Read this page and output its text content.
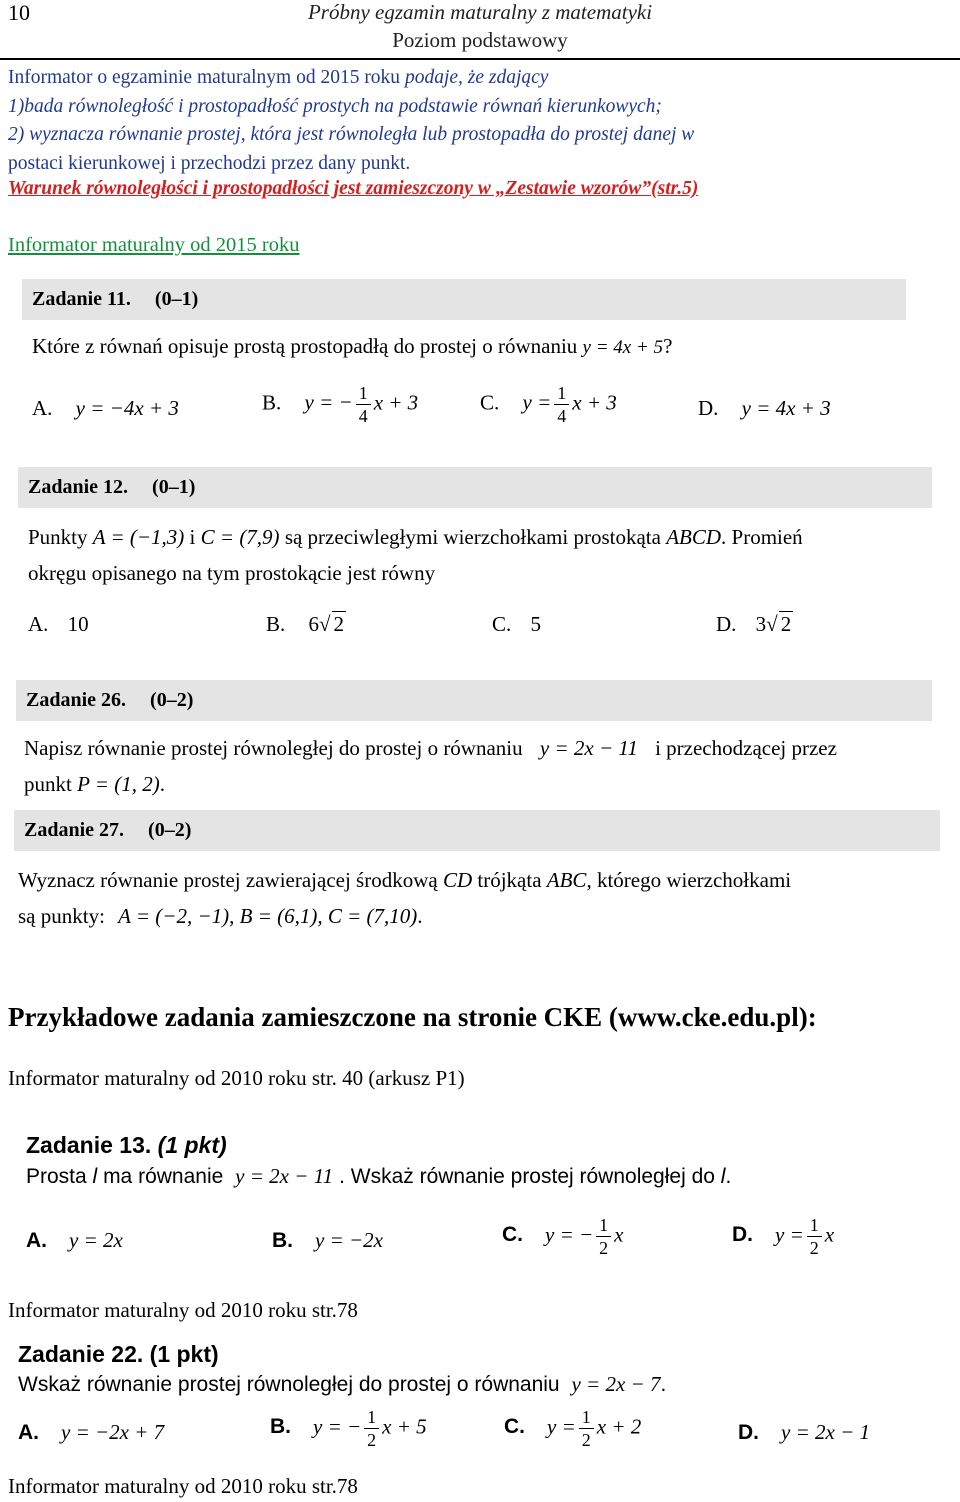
10	Próbny egzamin maturalny z matematyki
Poziom podstawowy
Informator o egzaminie maturalnym od 2015 roku podaje, że zdający
1)bada równoległość i prostopadłość prostych na podstawie równań kierunkowych;
2) wyznacza równanie prostej, która jest równoległa lub prostopadła do prostej danej w
postaci kierunkowej i przechodzi przez dany punkt.
Warunek równoległości i prostopadłości jest zamieszczony w „Zestawie wzorów”(str.5)
Informator maturalny od 2015 roku
Zadanie 11. (0–1)
Które z równań opisuje prostą prostopadłą do prostej o równaniu y = 4x + 5?
A. y = −4x + 3	B. y = − $\frac{1}{4}$ x + 3	C. $y = \frac{1}{4}$ x + 3	D. y = 4x + 3
Zadanie 12. (0–1)
Punkty A = (−1,3) i C = (7,9) są przeciwległymi wierzchołkami prostokąta ABCD. Promień
okręgu opisanego na tym prostokącie jest równy
A. 10	B. 6√ 2	C. 5	D. 3√ 2
Zadanie 26. (0–2)
Napisz równanie prostej równoległej do prostej o równaniu y = 2x − 11 i przechodzącej przez
punkt P = (1, 2).
Zadanie 27. (0–2)
Wyznacz równanie prostej zawierającej środkową CD trójkąta ABC, którego wierzchołkami
są punkty: A = (−2, −1), B = (6,1), C = (7,10).
Przykładowe zadania zamieszczone na stronie CKE (www.cke.edu.pl):
Informator maturalny od 2010 roku str. 40 (arkusz P1)
Zadanie 13. (1 pkt)
Prosta l ma równanie y = 2x − 11 . Wskaż równanie prostej równoległej do l.
A. y = 2x	B. y = −2x	C. y = − $\frac{1}{2}$ x	D. $y = \frac{1}{2}$ x
Informator maturalny od 2010 roku str.78
Zadanie 22. (1 pkt)
Wskaż równanie prostej równoległej do prostej o równaniu y = 2x − 7.
A. y = −2x + 7	B. y = − $\frac{1}{2}$ x + 5	C. $y = \frac{1}{2}$ x + 2	D. y = 2x − 1
Informator maturalny od 2010 roku str.78
